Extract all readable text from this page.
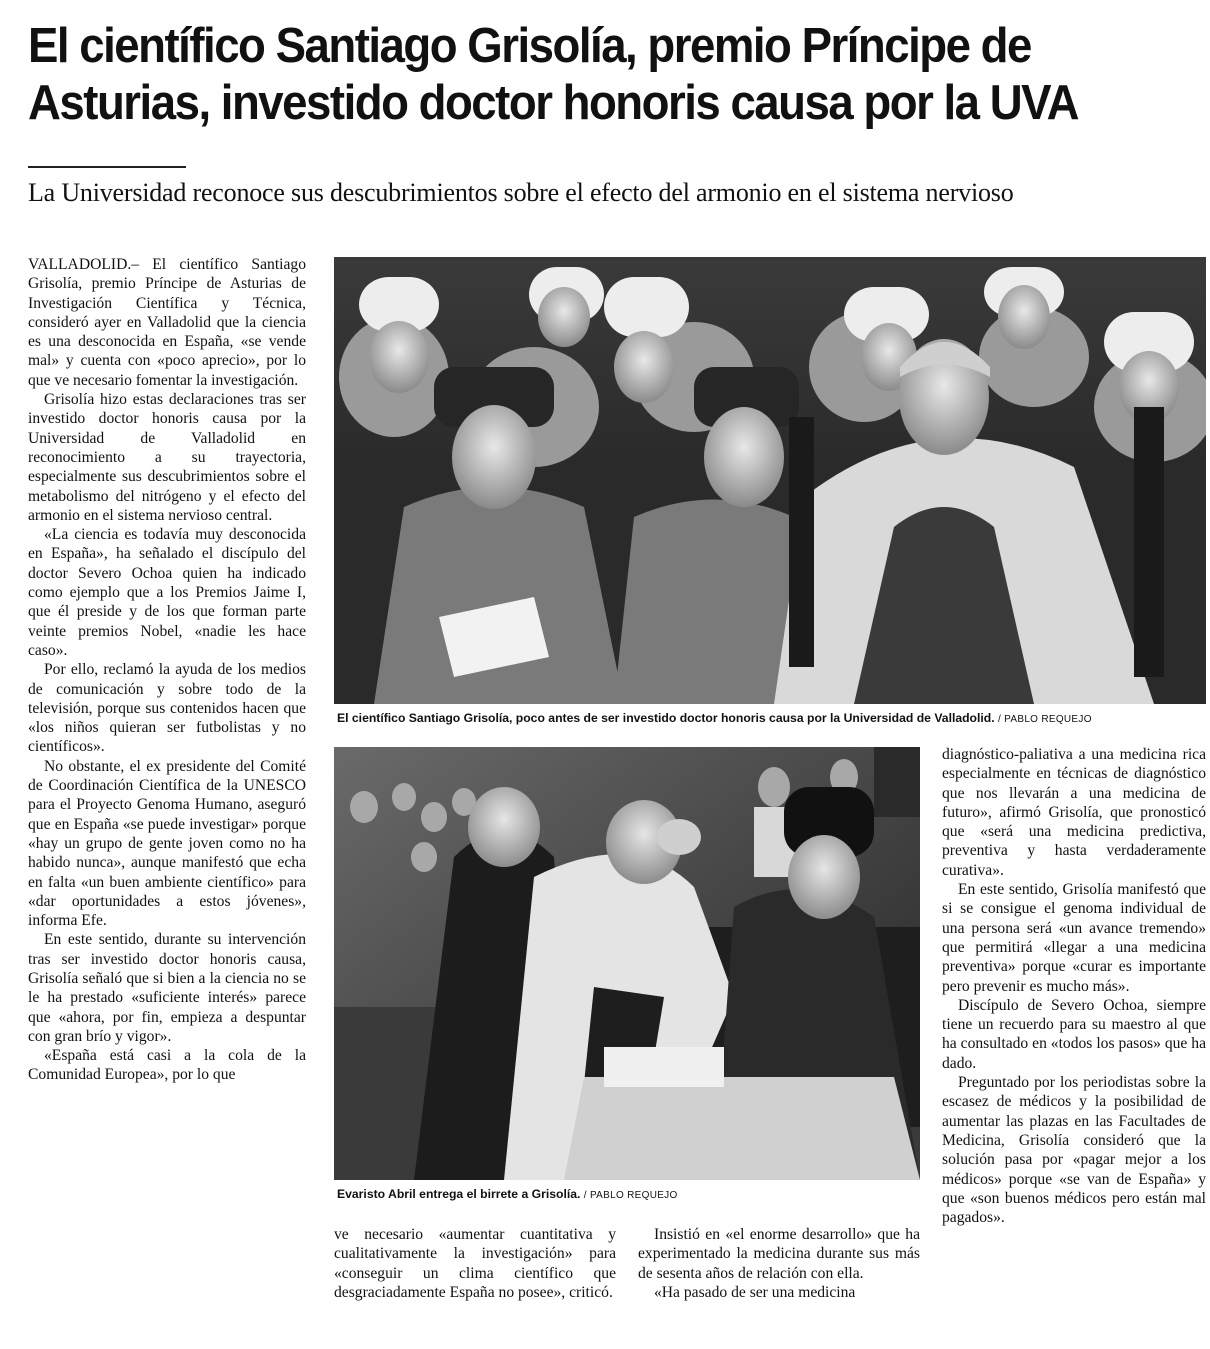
El científico Santiago Grisolía, premio Príncipe de
Asturias, investido doctor honoris causa por la UVA

La Universidad reconoce sus descubrimientos sobre el efecto del armonio en el sistema nervioso

VALLADOLID.– El científico Santiago Grisolía, premio Príncipe de Asturias de Investigación Científica y Técnica, consideró ayer en Valladolid que la ciencia es una desconocida en España, «se vende mal» y cuenta con «poco aprecio», por lo que ve necesario fomentar la investigación.

Grisolía hizo estas declaraciones tras ser investido doctor honoris causa por la Universidad de Valladolid en reconocimiento a su trayectoria, especialmente sus descubrimientos sobre el metabolismo del nitrógeno y el efecto del armonio en el sistema nervioso central.

«La ciencia es todavía muy desconocida en España», ha señalado el discípulo del doctor Severo Ochoa quien ha indicado como ejemplo que a los Premios Jaime I, que él preside y de los que forman parte veinte premios Nobel, «nadie les hace caso».

Por ello, reclamó la ayuda de los medios de comunicación y sobre todo de la televisión, porque sus contenidos hacen que «los niños quieran ser futbolistas y no científicos».

No obstante, el ex presidente del Comité de Coordinación Científica de la UNESCO para el Proyecto Genoma Humano, aseguró que en España «se puede investigar» porque «hay un grupo de gente joven como no ha habido nunca», aunque manifestó que echa en falta «un buen ambiente científico» para «dar oportunidades a estos jóvenes», informa Efe.

En este sentido, durante su intervención tras ser investido doctor honoris causa, Grisolía señaló que si bien a la ciencia no se le ha prestado «suficiente interés» parece que «ahora, por fin, empieza a despuntar con gran brío y vigor».

«España está casi a la cola de la Comunidad Europea», por lo que

El científico Santiago Grisolía, poco antes de ser investido doctor honoris causa por la Universidad de Valladolid. / PABLO REQUEJO
Evaristo Abril entrega el birrete a Grisolía. / PABLO REQUEJO

ve necesario «aumentar cuantitativa y cualitativamente la investigación» para «conseguir un clima científico que desgraciadamente España no posee», criticó.

Insistió en «el enorme desarrollo» que ha experimentado la medicina durante sus más de sesenta años de relación con ella.

«Ha pasado de ser una medicina

diagnóstico-paliativa a una medicina rica especialmente en técnicas de diagnóstico que nos llevarán a una medicina de futuro», afirmó Grisolía, que pronosticó que «será una medicina predictiva, preventiva y hasta verdaderamente curativa».

En este sentido, Grisolía manifestó que si se consigue el genoma individual de una persona será «un avance tremendo» que permitirá «llegar a una medicina preventiva» porque «curar es importante pero prevenir es mucho más».

Discípulo de Severo Ochoa, siempre tiene un recuerdo para su maestro al que ha consultado en «todos los pasos» que ha dado.

Preguntado por los periodistas sobre la escasez de médicos y la posibilidad de aumentar las plazas en las Facultades de Medicina, Grisolía consideró que la solución pasa por «pagar mejor a los médicos» porque «se van de España» y que «son buenos médicos pero están mal pagados».
